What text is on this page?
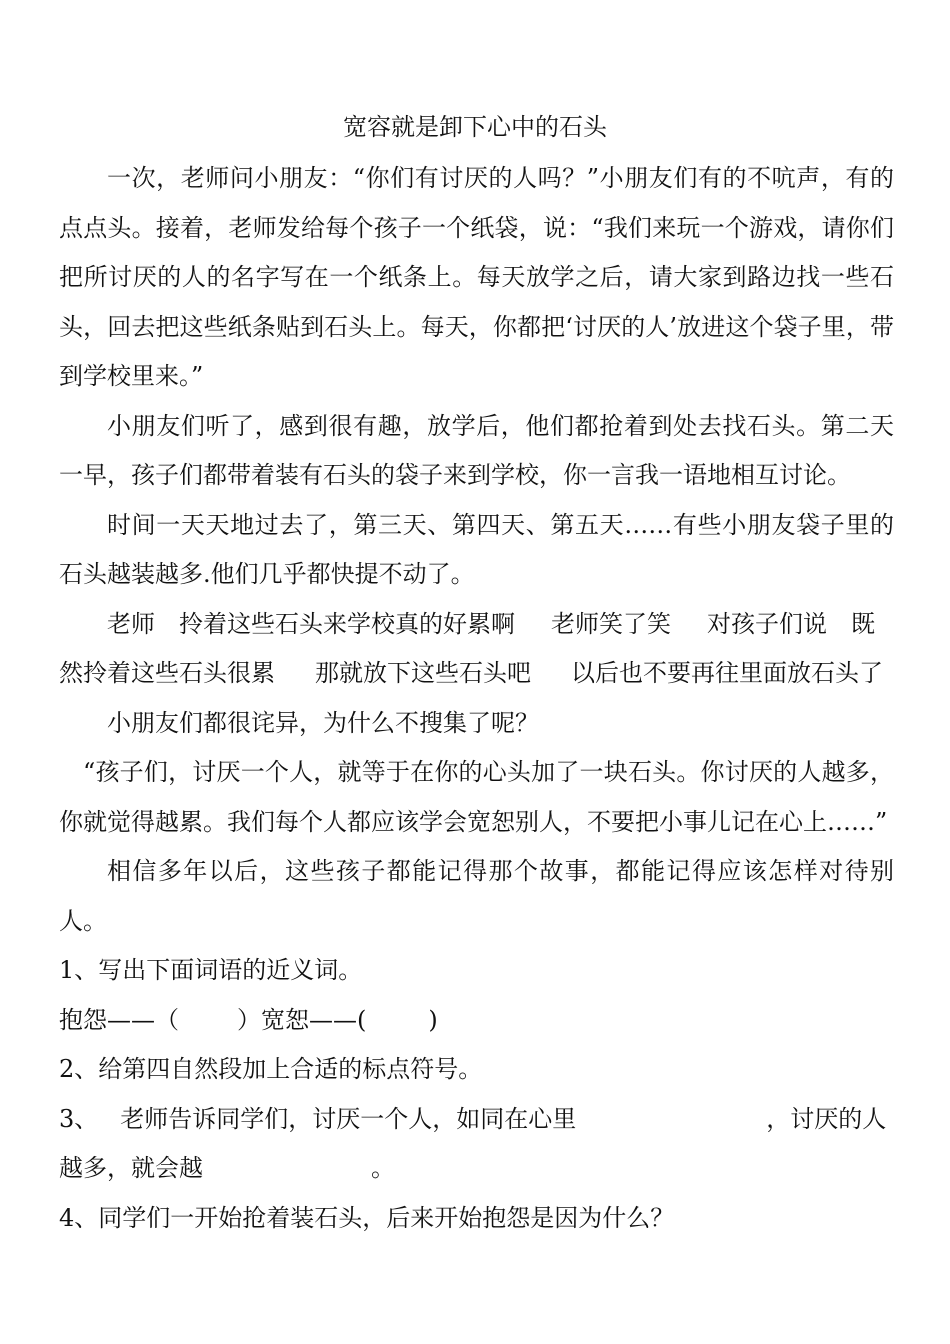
宽容就是卸下心中的石头

一次，老师问小朋友：“你们有讨厌的人吗？”小朋友们有的不吭声，有的点点头。接着，老师发给每个孩子一个纸袋，说：“我们来玩一个游戏，请你们把所讨厌的人的名字写在一个纸条上。每天放学之后，请大家到路边找一些石头，回去把这些纸条贴到石头上。每天，你都把‘讨厌的人’放进这个袋子里，带到学校里来。”

小朋友们听了，感到很有趣，放学后，他们都抢着到处去找石头。第二天一早，孩子们都带着装有石头的袋子来到学校，你一言我一语地相互讨论。

时间一天天地过去了，第三天、第四天、第五天……有些小朋友袋子里的石头越装越多.他们几乎都快提不动了。

老师 拎着这些石头来学校真的好累啊 老师笑了笑 对孩子们说 既
然拎着这些石头很累 那就放下这些石头吧 以后也不要再往里面放石头了

小朋友们都很诧异，为什么不搜集了呢？

“孩子们，讨厌一个人，就等于在你的心头加了一块石头。你讨厌的人越多，你就觉得越累。我们每个人都应该学会宽恕别人，不要把小事儿记在心上……”

相信多年以后，这些孩子都能记得那个故事，都能记得应该怎样对待别人。

1、写出下面词语的近义词。

抱怨——（ ）宽恕——(	)

2、给第四自然段加上合适的标点符号。

3、 老师告诉同学们，讨厌一个人，如同在心里	，讨厌的人
越多，就会越	。

4、同学们一开始抢着装石头，后来开始抱怨是因为什么？
